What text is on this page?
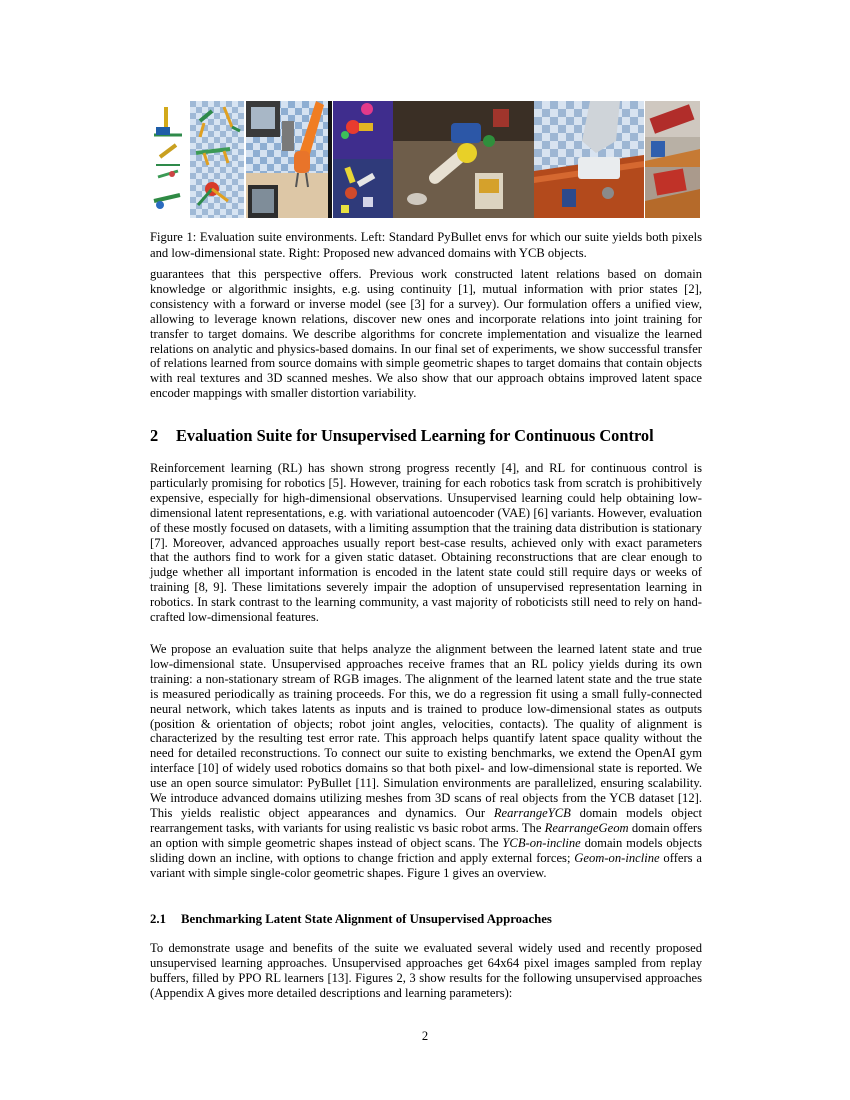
Figure 1: Evaluation suite environments. Left: Standard PyBullet envs for which our suite yields both pixels and low-dimensional state. Right: Proposed new advanced domains with YCB objects.

guarantees that this perspective offers. Previous work constructed latent relations based on domain knowledge or algorithmic insights, e.g. using continuity [1], mutual information with prior states [2], consistency with a forward or inverse model (see [3] for a survey). Our formulation offers a unified view, allowing to leverage known relations, discover new ones and incorporate relations into joint training for transfer to target domains. We describe algorithms for concrete implementation and visualize the learned relations on analytic and physics-based domains. In our final set of experiments, we show successful transfer of relations learned from source domains with simple geometric shapes to target domains that contain objects with real textures and 3D scanned meshes. We also show that our approach obtains improved latent space encoder mappings with smaller distortion variability.

2 Evaluation Suite for Unsupervised Learning for Continuous Control

Reinforcement learning (RL) has shown strong progress recently [4], and RL for continuous control is particularly promising for robotics [5]. However, training for each robotics task from scratch is prohibitively expensive, especially for high-dimensional observations. Unsupervised learning could help obtaining low-dimensional latent representations, e.g. with variational autoencoder (VAE) [6] variants. However, evaluation of these mostly focused on datasets, with a limiting assumption that the training data distribution is stationary [7]. Moreover, advanced approaches usually report best-case results, achieved only with exact parameters that the authors find to work for a given static dataset. Obtaining reconstructions that are clear enough to judge whether all important information is encoded in the latent state could still require days or weeks of training [8, 9]. These limitations severely impair the adoption of unsupervised representation learning in robotics. In stark contrast to the learning community, a vast majority of roboticists still need to rely on hand-crafted low-dimensional features.

We propose an evaluation suite that helps analyze the alignment between the learned latent state and true low-dimensional state. Unsupervised approaches receive frames that an RL policy yields during its own training: a non-stationary stream of RGB images. The alignment of the learned latent state and the true state is measured periodically as training proceeds. For this, we do a regression fit using a small fully-connected neural network, which takes latents as inputs and is trained to produce low-dimensional states as outputs (position & orientation of objects; robot joint angles, velocities, contacts). The quality of alignment is characterized by the resulting test error rate. This approach helps quantify latent space quality without the need for detailed reconstructions. To connect our suite to existing benchmarks, we extend the OpenAI gym interface [10] of widely used robotics domains so that both pixel- and low-dimensional state is reported. We use an open source simulator: PyBullet [11]. Simulation environments are parallelized, ensuring scalability. We introduce advanced domains utilizing meshes from 3D scans of real objects from the YCB dataset [12]. This yields realistic object appearances and dynamics. Our RearrangeYCB domain models object rearrangement tasks, with variants for using realistic vs basic robot arms. The RearrangeGeom domain offers an option with simple geometric shapes instead of object scans. The YCB-on-incline domain models objects sliding down an incline, with options to change friction and apply external forces; Geom-on-incline offers a variant with simple single-color geometric shapes. Figure 1 gives an overview.

2.1 Benchmarking Latent State Alignment of Unsupervised Approaches

To demonstrate usage and benefits of the suite we evaluated several widely used and recently proposed unsupervised learning approaches. Unsupervised approaches get 64x64 pixel images sampled from replay buffers, filled by PPO RL learners [13]. Figures 2, 3 show results for the following unsupervised approaches (Appendix A gives more detailed descriptions and learning parameters):

2
